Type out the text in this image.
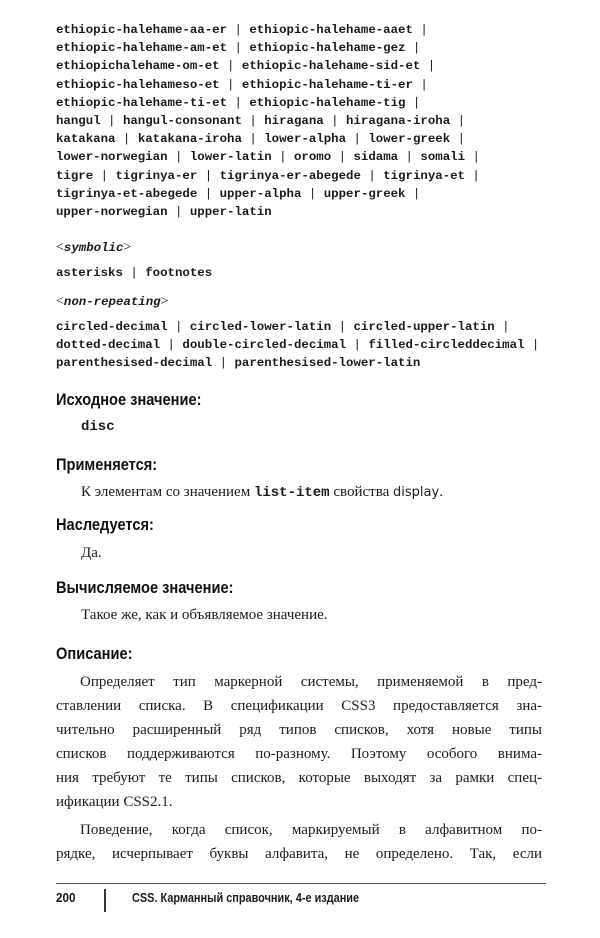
ethiopic-halehame-aa-er | ethiopic-halehame-aaet |
ethiopic-halehame-am-et | ethiopic-halehame-gez |
ethiopichalehame-om-et | ethiopic-halehame-sid-et |
ethiopic-halehameso-et | ethiopic-halehame-ti-er |
ethiopic-halehame-ti-et | ethiopic-halehame-tig |
hangul | hangul-consonant | hiragana | hiragana-iroha |
katakana | katakana-iroha | lower-alpha | lower-greek |
lower-norwegian | lower-latin | oromo | sidama | somali |
tigre | tigrinya-er | tigrinya-er-abegede | tigrinya-et |
tigrinya-et-abegede | upper-alpha | upper-greek |
upper-norwegian | upper-latin
<symbolic>
asterisks | footnotes
<non-repeating>
circled-decimal | circled-lower-latin | circled-upper-latin |
dotted-decimal | double-circled-decimal | filled-circleddecimal |
parenthesised-decimal | parenthesised-lower-latin
Исходное значение:
disc
Применяется:
К элементам со значением list-item свойства display.
Наследуется:
Да.
Вычисляемое значение:
Такое же, как и объявляемое значение.
Описание:
Определяет тип маркерной системы, применяемой в пред-
ставлении списка. В спецификации CSS3 предоставляется зна-
чительно расширенный ряд типов списков, хотя новые типы
списков поддерживаются по-разному. Поэтому особого внима-
ния требуют те типы списков, которые выходят за рамки спец-
ификации CSS2.1.
Поведение, когда список, маркируемый в алфавитном по-
рядке, исчерпывает буквы алфавита, не определено. Так, если
200	CSS. Карманный справочник, 4-е издание
